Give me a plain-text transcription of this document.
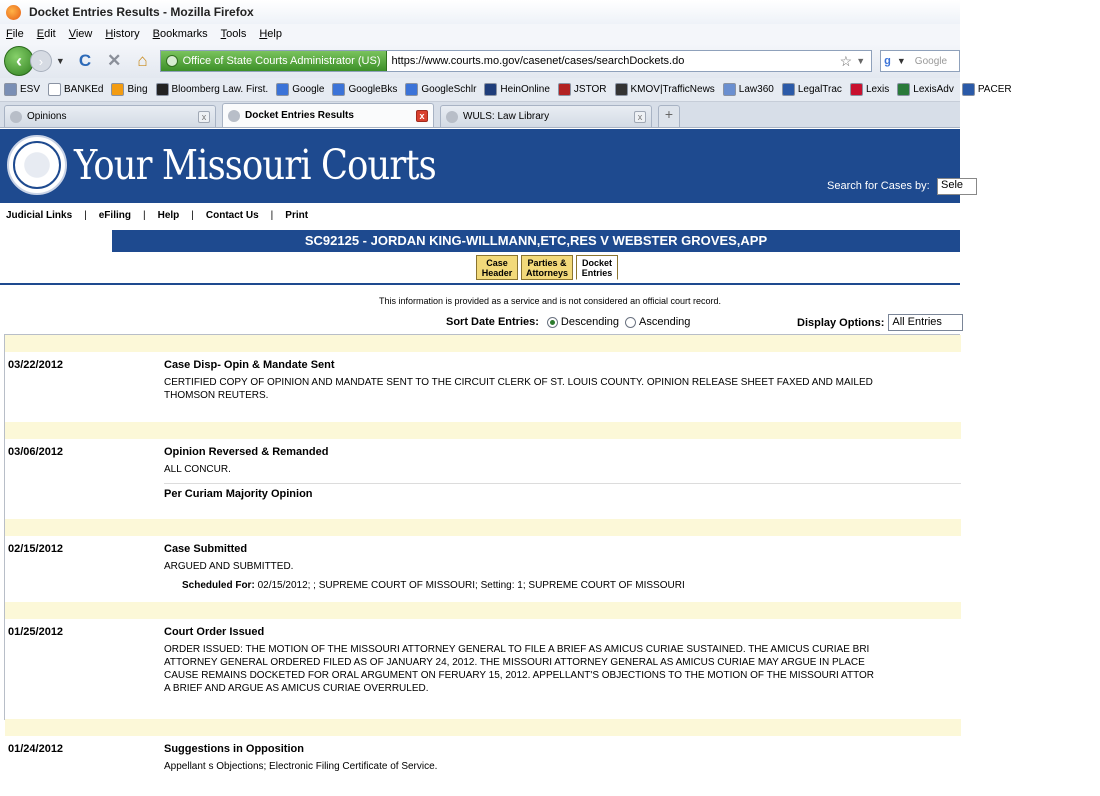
Docket Entries Results - Mozilla Firefox
File Edit View History Bookmarks Tools Help
‹	›	▼ C ✕ ⌂	Office of State Courts Administrator (US)	https://www.courts.mo.gov/casenet/cases/searchDockets.do	☆ ▼ g ▼ Google
ESV BANKEd Bing Bloomberg Law. First. Google GoogleBks GoogleSchlr HeinOnline JSTOR KMOV|TrafficNews Law360 LegalTrac Lexis LexisAdv PACER
Opinions	x	Docket Entries Results	x	WULS: Law Library	x	+
Your Missouri Courts	Search for Cases by:	Sele
Judicial Links | eFiling | Help | Contact Us | Print
SC92125 - JORDAN KING-WILLMANN,ETC,RES V WEBSTER GROVES,APP
Case
Header
Parties &
Attorneys
Docket
Entries
This information is provided as a service and is not considered an official court record.
Sort Date Entries: Descending Ascending	Display Options: All Entries
03/22/2012	Case Disp- Opin & Mandate Sent
CERTIFIED COPY OF OPINION AND MANDATE SENT TO THE CIRCUIT CLERK OF ST. LOUIS COUNTY. OPINION RELEASE SHEET FAXED AND MAILED
THOMSON REUTERS.
03/06/2012	Opinion Reversed & Remanded
ALL CONCUR.
Per Curiam Majority Opinion
02/15/2012	Case Submitted
ARGUED AND SUBMITTED.
Scheduled For: 02/15/2012; ; SUPREME COURT OF MISSOURI; Setting: 1; SUPREME COURT OF MISSOURI
01/25/2012	Court Order Issued
ORDER ISSUED: THE MOTION OF THE MISSOURI ATTORNEY GENERAL TO FILE A BRIEF AS AMICUS CURIAE SUSTAINED. THE AMICUS CURIAE BRI
ATTORNEY GENERAL ORDERED FILED AS OF JANUARY 24, 2012. THE MISSOURI ATTORNEY GENERAL AS AMICUS CURIAE MAY ARGUE IN PLACE
CAUSE REMAINS DOCKETED FOR ORAL ARGUMENT ON FERUARY 15, 2012. APPELLANT'S OBJECTIONS TO THE MOTION OF THE MISSOURI ATTOR
A BRIEF AND ARGUE AS AMICUS CURIAE OVERRULED.
01/24/2012	Suggestions in Opposition
Appellant s Objections; Electronic Filing Certificate of Service.
